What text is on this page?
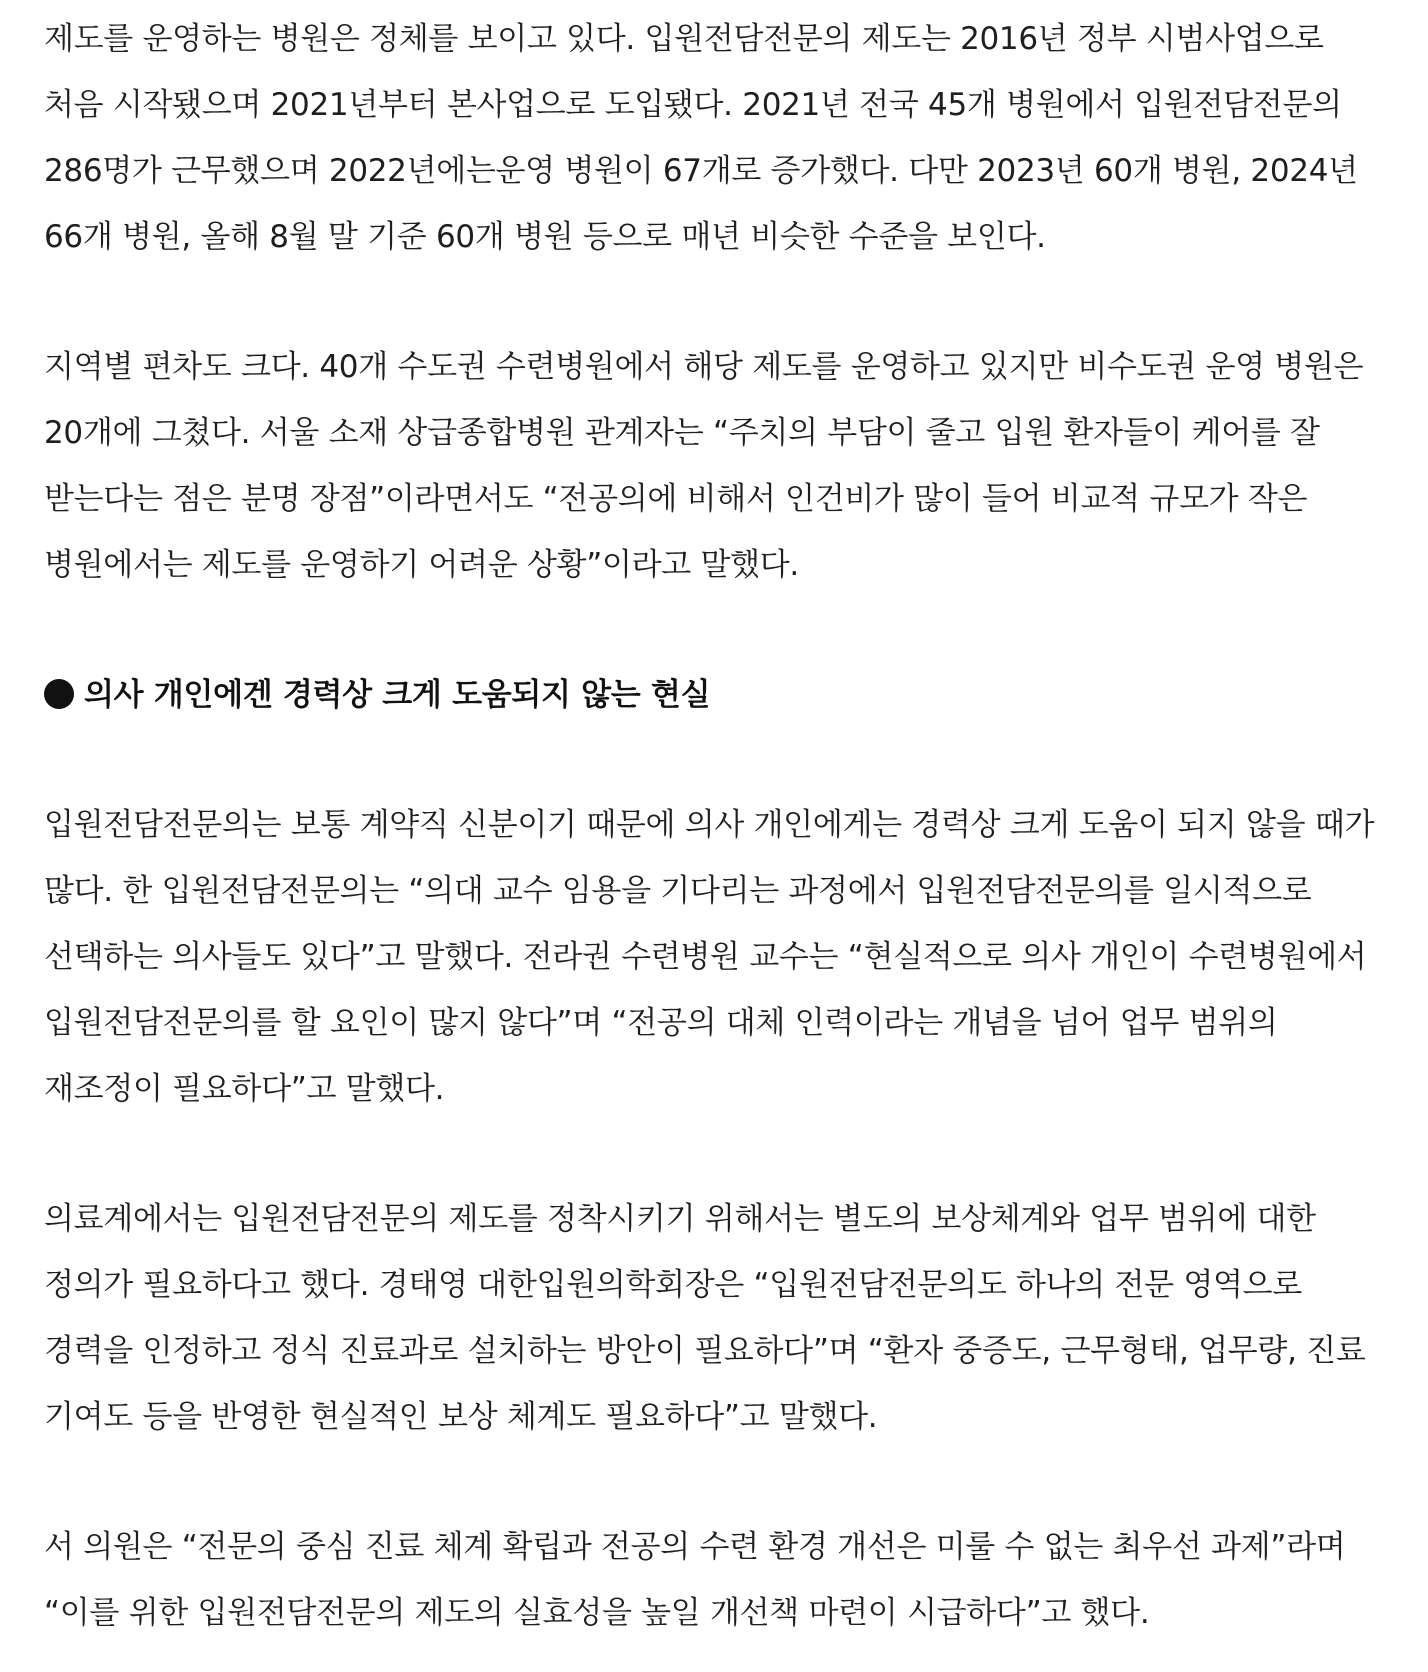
제도를 운영하는 병원은 정체를 보이고 있다. 입원전담전문의 제도는 2016년 정부 시범사업으로 처음 시작됐으며 2021년부터 본사업으로 도입됐다. 2021년 전국 45개 병원에서 입원전담전문의 286명가 근무했으며 2022년에는운영 병원이 67개로 증가했다. 다만 2023년 60개 병원, 2024년 66개 병원, 올해 8월 말 기준 60개 병원 등으로 매년 비슷한 수준을 보인다.

지역별 편차도 크다. 40개 수도권 수련병원에서 해당 제도를 운영하고 있지만 비수도권 운영 병원은 20개에 그쳤다. 서울 소재 상급종합병원 관계자는 “주치의 부담이 줄고 입원 환자들이 케어를 잘 받는다는 점은 분명 장점”이라면서도 “전공의에 비해서 인건비가 많이 들어 비교적 규모가 작은 병원에서는 제도를 운영하기 어려운 상황”이라고 말했다.

의사 개인에겐 경력상 크게 도움되지 않는 현실

입원전담전문의는 보통 계약직 신분이기 때문에 의사 개인에게는 경력상 크게 도움이 되지 않을 때가 많다. 한 입원전담전문의는 “의대 교수 임용을 기다리는 과정에서 입원전담전문의를 일시적으로 선택하는 의사들도 있다”고 말했다. 전라권 수련병원 교수는 “현실적으로 의사 개인이 수련병원에서 입원전담전문의를 할 요인이 많지 않다”며 “전공의 대체 인력이라는 개념을 넘어 업무 범위의 재조정이 필요하다”고 말했다.

의료계에서는 입원전담전문의 제도를 정착시키기 위해서는 별도의 보상체계와 업무 범위에 대한 정의가 필요하다고 했다. 경태영 대한입원의학회장은 “입원전담전문의도 하나의 전문 영역으로 경력을 인정하고 정식 진료과로 설치하는 방안이 필요하다”며 “환자 중증도, 근무형태, 업무량, 진료 기여도 등을 반영한 현실적인 보상 체계도 필요하다”고 말했다.

서 의원은 “전문의 중심 진료 체계 확립과 전공의 수련 환경 개선은 미룰 수 없는 최우선 과제”라며 “이를 위한 입원전담전문의 제도의 실효성을 높일 개선책 마련이 시급하다”고 했다.
